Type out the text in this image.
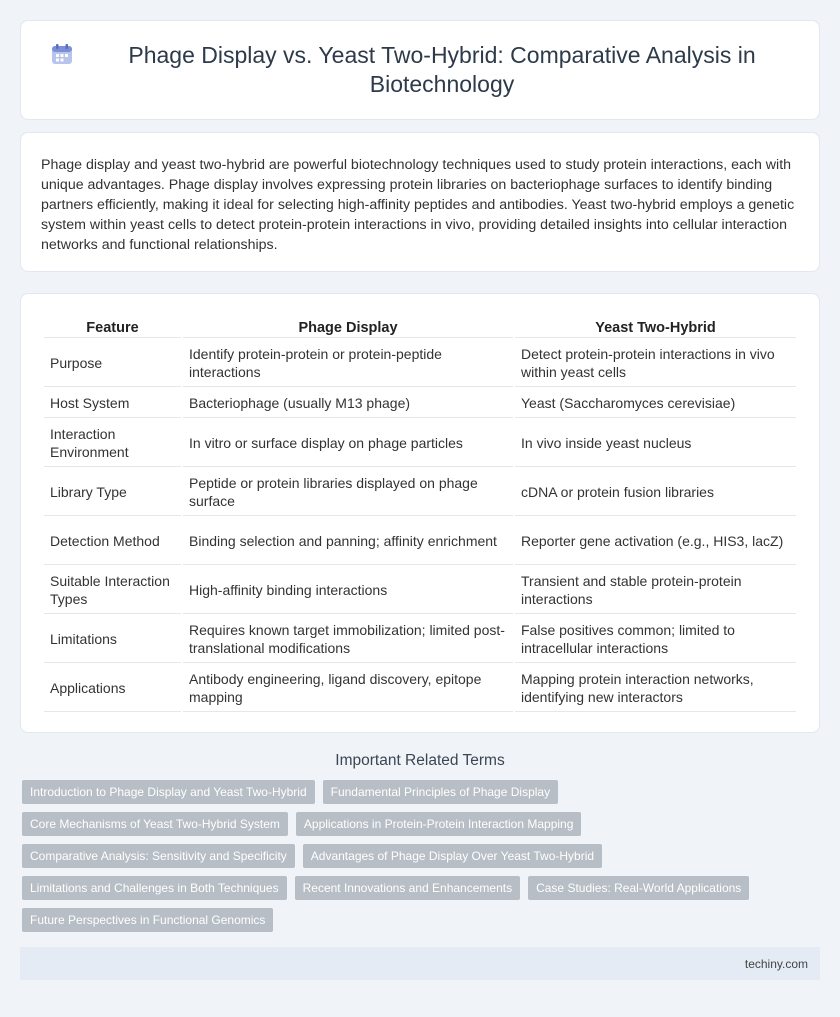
Phage Display vs. Yeast Two-Hybrid: Comparative Analysis in Biotechnology

Phage display and yeast two-hybrid are powerful biotechnology techniques used to study protein interactions, each with unique advantages. Phage display involves expressing protein libraries on bacteriophage surfaces to identify binding partners efficiently, making it ideal for selecting high-affinity peptides and antibodies. Yeast two-hybrid employs a genetic system within yeast cells to detect protein-protein interactions in vivo, providing detailed insights into cellular interaction networks and functional relationships.

Feature	Phage Display	Yeast Two-Hybrid
Purpose	Identify protein-protein or protein-peptide interactions	Detect protein-protein interactions in vivo within yeast cells
Host System	Bacteriophage (usually M13 phage)	Yeast (Saccharomyces cerevisiae)
Interaction Environment	In vitro or surface display on phage particles	In vivo inside yeast nucleus
Library Type	Peptide or protein libraries displayed on phage surface	cDNA or protein fusion libraries
Detection Method	Binding selection and panning; affinity enrichment	Reporter gene activation (e.g., HIS3, lacZ)
Suitable Interaction Types	High-affinity binding interactions	Transient and stable protein-protein interactions
Limitations	Requires known target immobilization; limited post-translational modifications	False positives common; limited to intracellular interactions
Applications	Antibody engineering, ligand discovery, epitope mapping	Mapping protein interaction networks, identifying new interactors
Important Related Terms
Introduction to Phage Display and Yeast Two-Hybrid	Fundamental Principles of Phage Display
Core Mechanisms of Yeast Two-Hybrid System	Applications in Protein-Protein Interaction Mapping
Comparative Analysis: Sensitivity and Specificity	Advantages of Phage Display Over Yeast Two-Hybrid
Limitations and Challenges in Both Techniques	Recent Innovations and Enhancements	Case Studies: Real-World Applications
Future Perspectives in Functional Genomics
techiny.com
